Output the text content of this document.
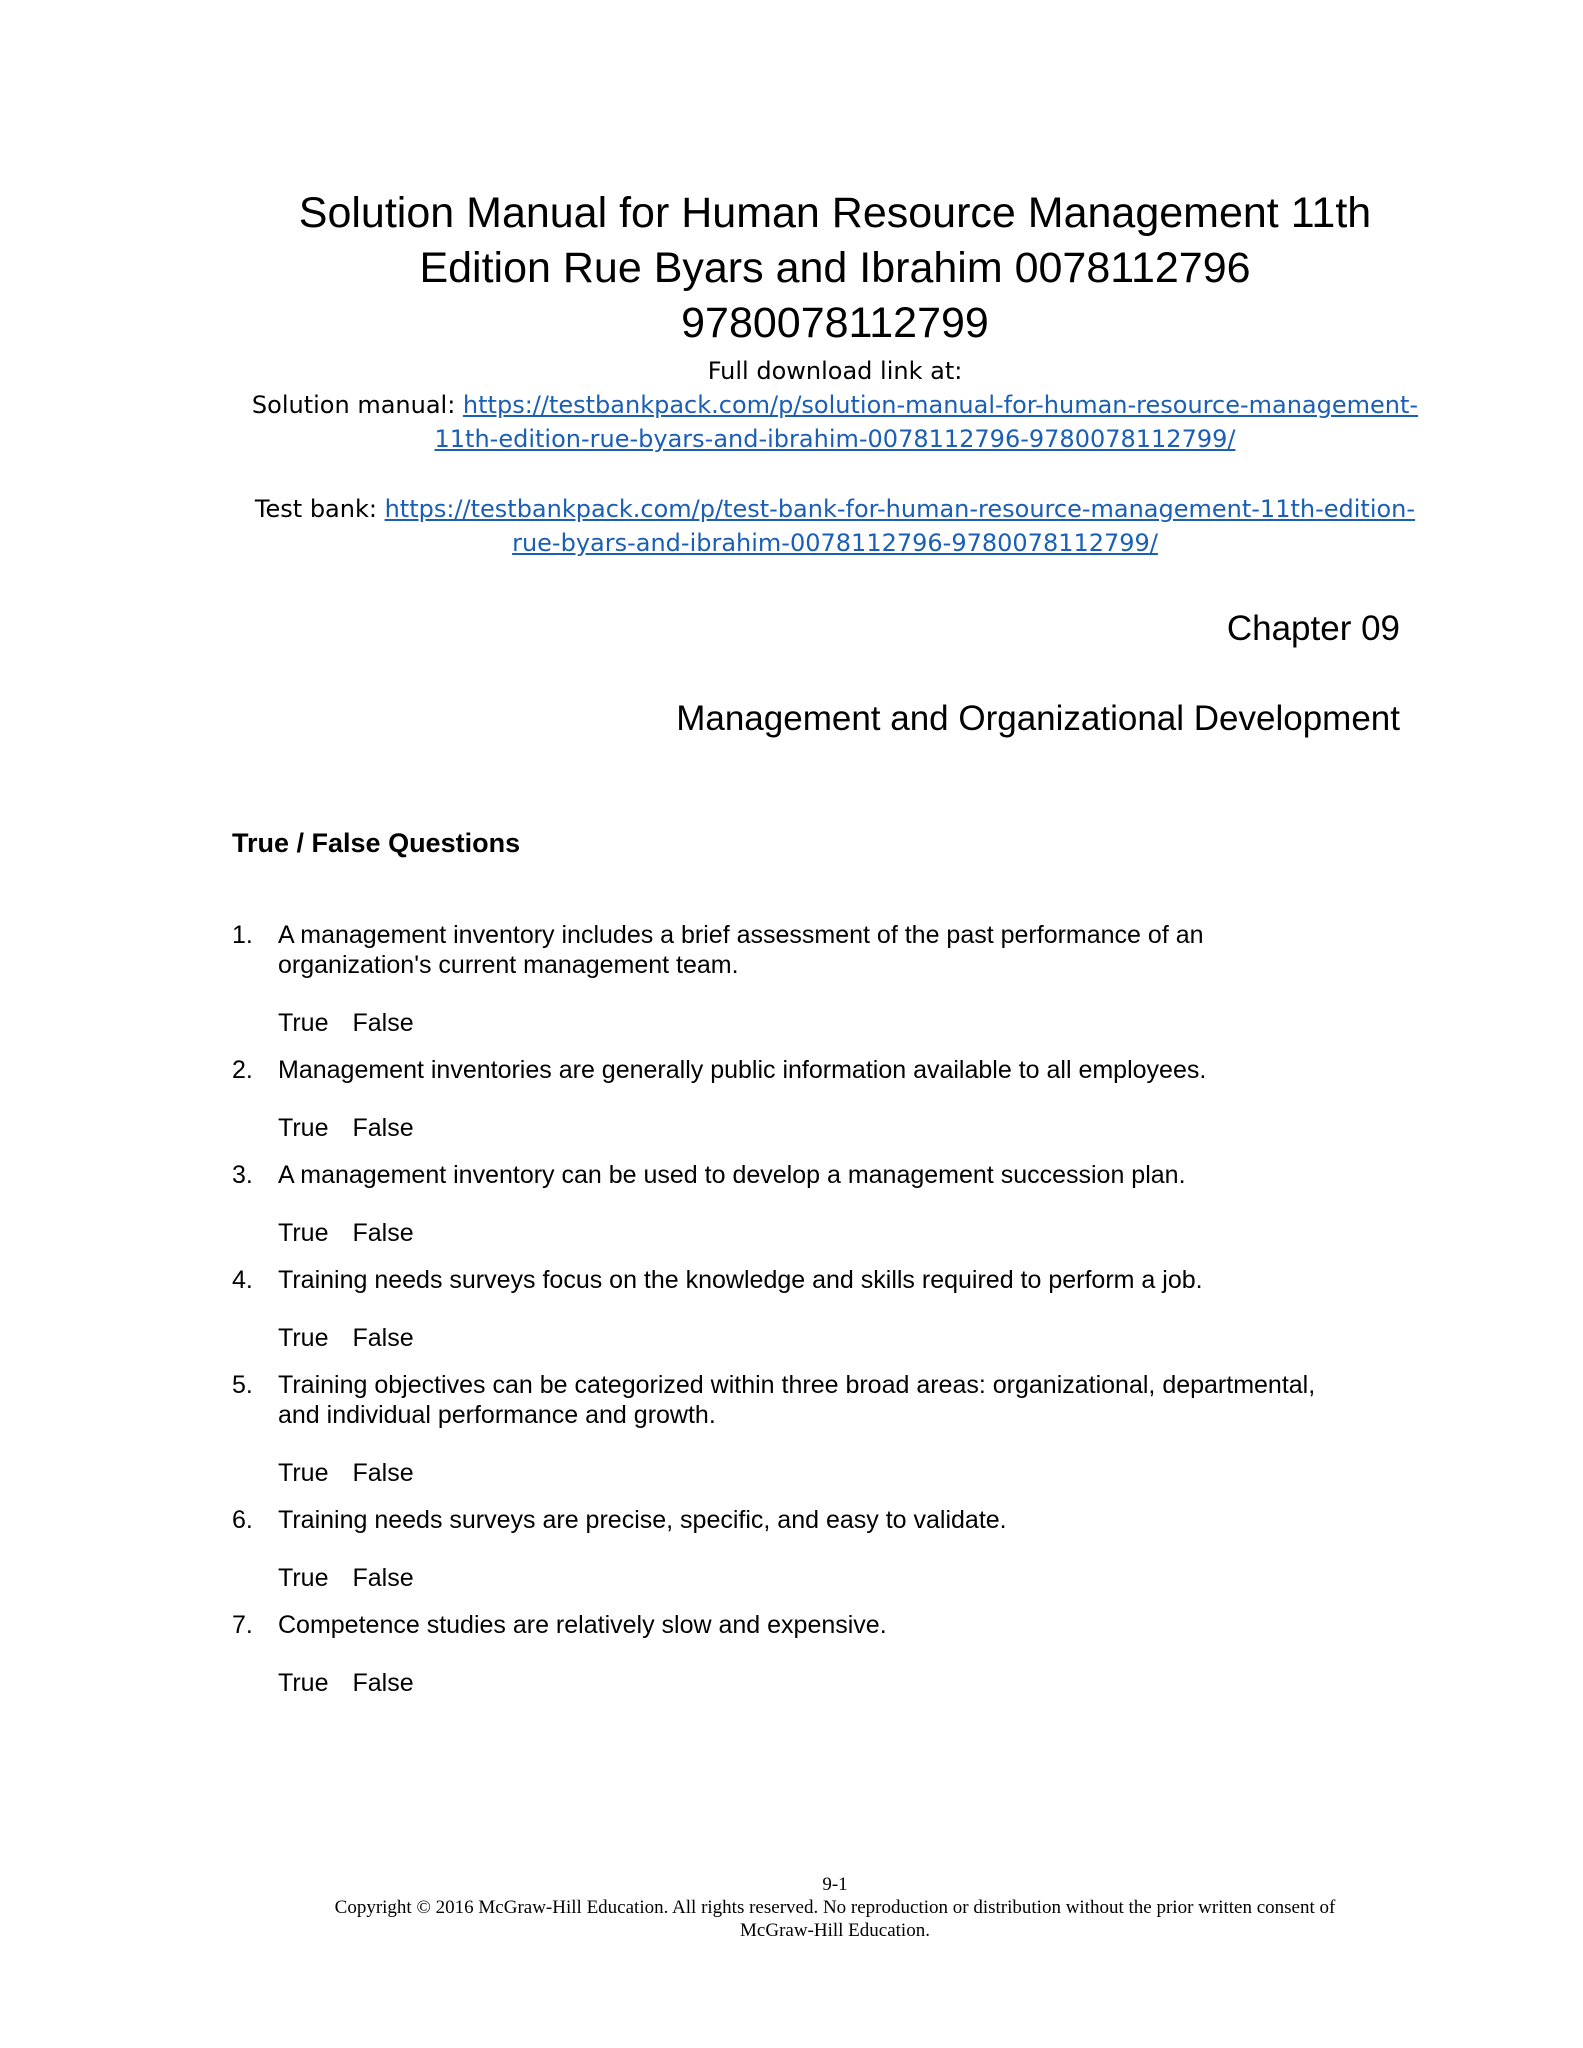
Solution Manual for Human Resource Management 11th
Edition Rue Byars and Ibrahim 0078112796
9780078112799
Full download link at:
Solution manual: https://testbankpack.com/p/solution-manual-for-human-resource-management-
11th-edition-rue-byars-and-ibrahim-0078112796-9780078112799/
Test bank: https://testbankpack.com/p/test-bank-for-human-resource-management-11th-edition-
rue-byars-and-ibrahim-0078112796-9780078112799/
Chapter 09
Management and Organizational Development
True / False Questions
1. A management inventory includes a brief assessment of the past performance of an
organization's current management team.
True False
2. Management inventories are generally public information available to all employees.
True False
3. A management inventory can be used to develop a management succession plan.
True False
4. Training needs surveys focus on the knowledge and skills required to perform a job.
True False
5. Training objectives can be categorized within three broad areas: organizational, departmental,
and individual performance and growth.
True False
6. Training needs surveys are precise, specific, and easy to validate.
True False
7. Competence studies are relatively slow and expensive.
True False
9-1
Copyright © 2016 McGraw-Hill Education. All rights reserved. No reproduction or distribution without the prior written consent of
McGraw-Hill Education.
